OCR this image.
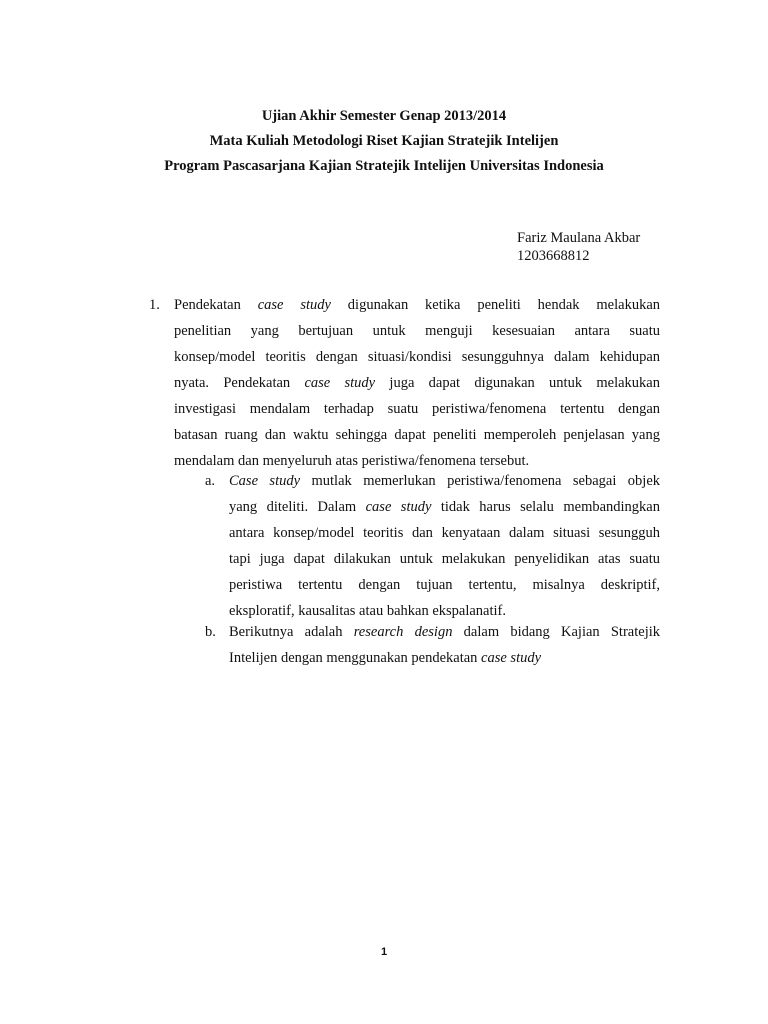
Ujian Akhir Semester Genap 2013/2014
Mata Kuliah Metodologi Riset Kajian Stratejik Intelijen
Program Pascasarjana Kajian Stratejik Intelijen Universitas Indonesia
Fariz Maulana Akbar
1203668812
1. Pendekatan case study digunakan ketika peneliti hendak melakukan
penelitian yang bertujuan untuk menguji kesesuaian antara suatu
konsep/model teoritis dengan situasi/kondisi sesungguhnya dalam kehidupan
nyata. Pendekatan case study juga dapat digunakan untuk melakukan
investigasi mendalam terhadap suatu peristiwa/fenomena tertentu dengan
batasan ruang dan waktu sehingga dapat peneliti memperoleh penjelasan yang
mendalam dan menyeluruh atas peristiwa/fenomena tersebut.
a. Case study mutlak memerlukan peristiwa/fenomena sebagai objek
yang diteliti. Dalam case study tidak harus selalu membandingkan
antara konsep/model teoritis dan kenyataan dalam situasi sesungguh
tapi juga dapat dilakukan untuk melakukan penyelidikan atas suatu
peristiwa tertentu dengan tujuan tertentu, misalnya deskriptif,
eksploratif, kausalitas atau bahkan ekspalanatif.
b. Berikutnya adalah research design dalam bidang Kajian Stratejik
Intelijen dengan menggunakan pendekatan case study
1
